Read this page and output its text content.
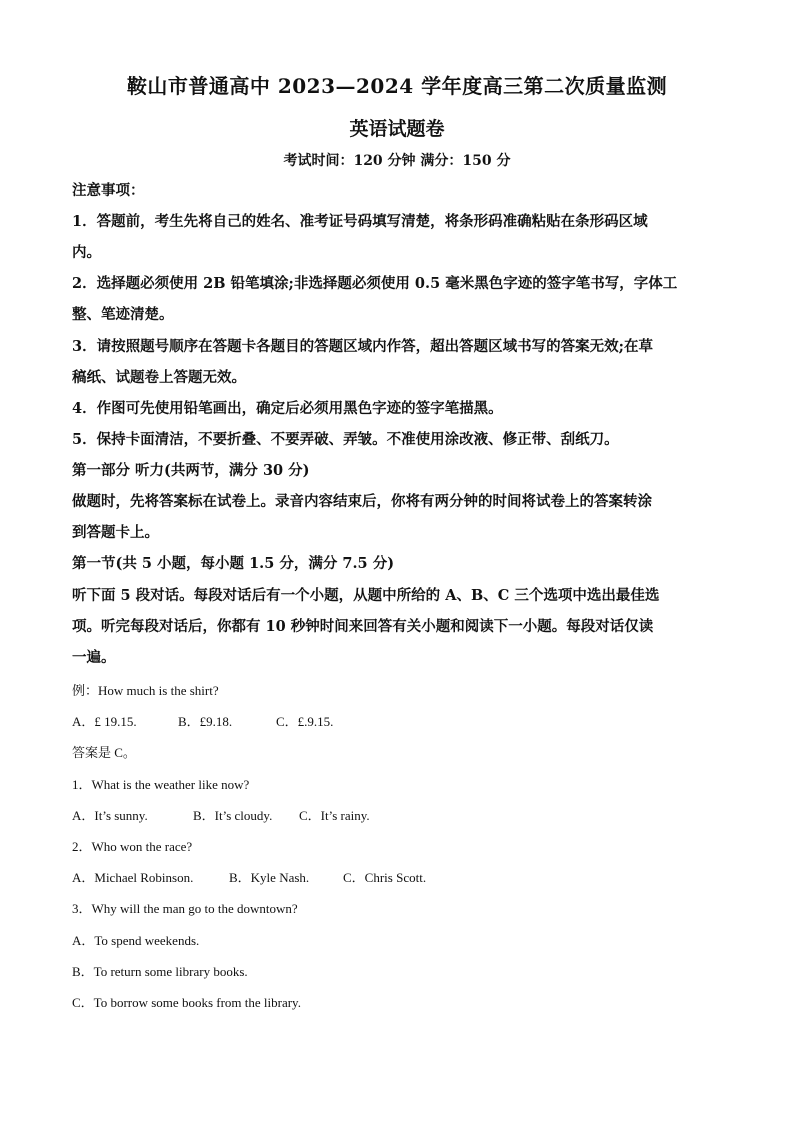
鞍山市普通高中 2023—2024 学年度高三第二次质量监测
英语试题卷
考试时间：120 分钟 满分：150 分
注意事项：
1．答题前，考生先将自己的姓名、准考证号码填写清楚，将条形码准确粘贴在条形码区域
内。
2．选择题必须使用 2B 铅笔填涂;非选择题必须使用 0.5 毫米黑色字迹的签字笔书写，字体工
整、笔迹清楚。
3．请按照题号顺序在答题卡各题目的答题区域内作答，超出答题区域书写的答案无效;在草
稿纸、试题卷上答题无效。
4．作图可先使用铅笔画出，确定后必须用黑色字迹的签字笔描黑。
5．保持卡面清洁，不要折叠、不要弄破、弄皱。不准使用涂改液、修正带、刮纸刀。
第一部分 听力(共两节，满分 30 分)
做题时，先将答案标在试卷上。录音内容结束后，你将有两分钟的时间将试卷上的答案转涂
到答题卡上。
第一节(共 5 小题，每小题 1.5 分，满分 7.5 分)
听下面 5 段对话。每段对话后有一个小题，从题中所给的 A、B、C 三个选项中选出最佳选
项。听完每段对话后，你都有 10 秒钟时间来回答有关小题和阅读下一小题。每段对话仅读
一遍。
例：How much is the shirt?
A．£ 19.15.	B．£9.18.	C．£.9.15.
答案是 C。
1．What is the weather like now?
A．It’s sunny.	B．It’s cloudy. C．It’s rainy.
2．Who won the race?
A．Michael Robinson.	B．Kyle Nash.	C．Chris Scott.
3．Why will the man go to the downtown?
A．To spend weekends.
B．To return some library books.
C．To borrow some books from the library.
